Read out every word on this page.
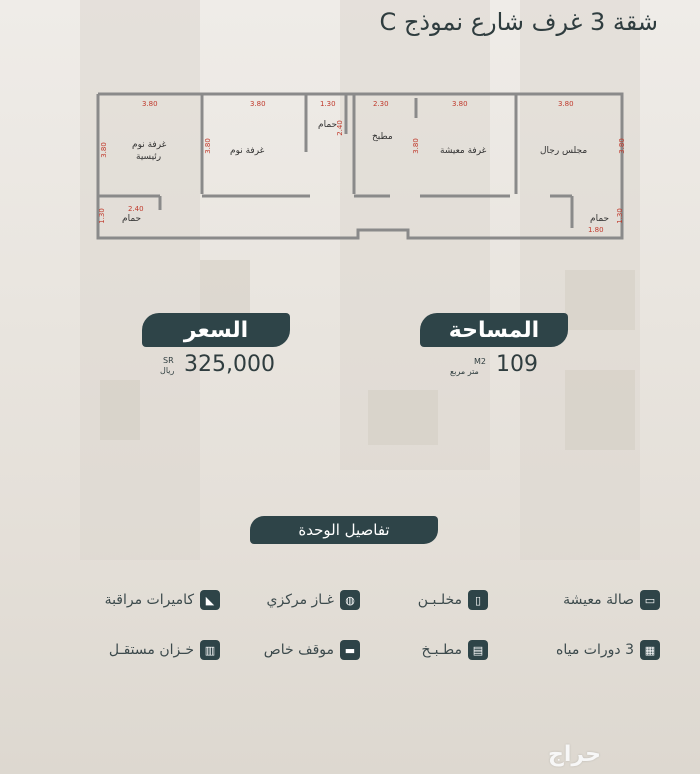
شقة 3 غرف شارع نموذج C
غرفة نوم
رئيسية
غرفة نوم
حمام
حمام
مطبخ
غرفة معيشة	مجلس رجال
حمام
3.80	3.80	1.30	2.30	3.80	3.80
3.80	3.80
2.40
3.80	3.80
2.40
1.30	1.30
1.80
السعر
325,000
SR
ريال
المساحة
109
M2
متر مربع
تفاصيل الوحدة
▭
صالة معيشة
▯
مخلـبـن
◍
غـاز مركزي
◣
كاميرات مراقبة
▦
3 دورات مياه
▤
مطـبـخ
▬
موقف خاص
▥
خـزان مستقـل
حراج
